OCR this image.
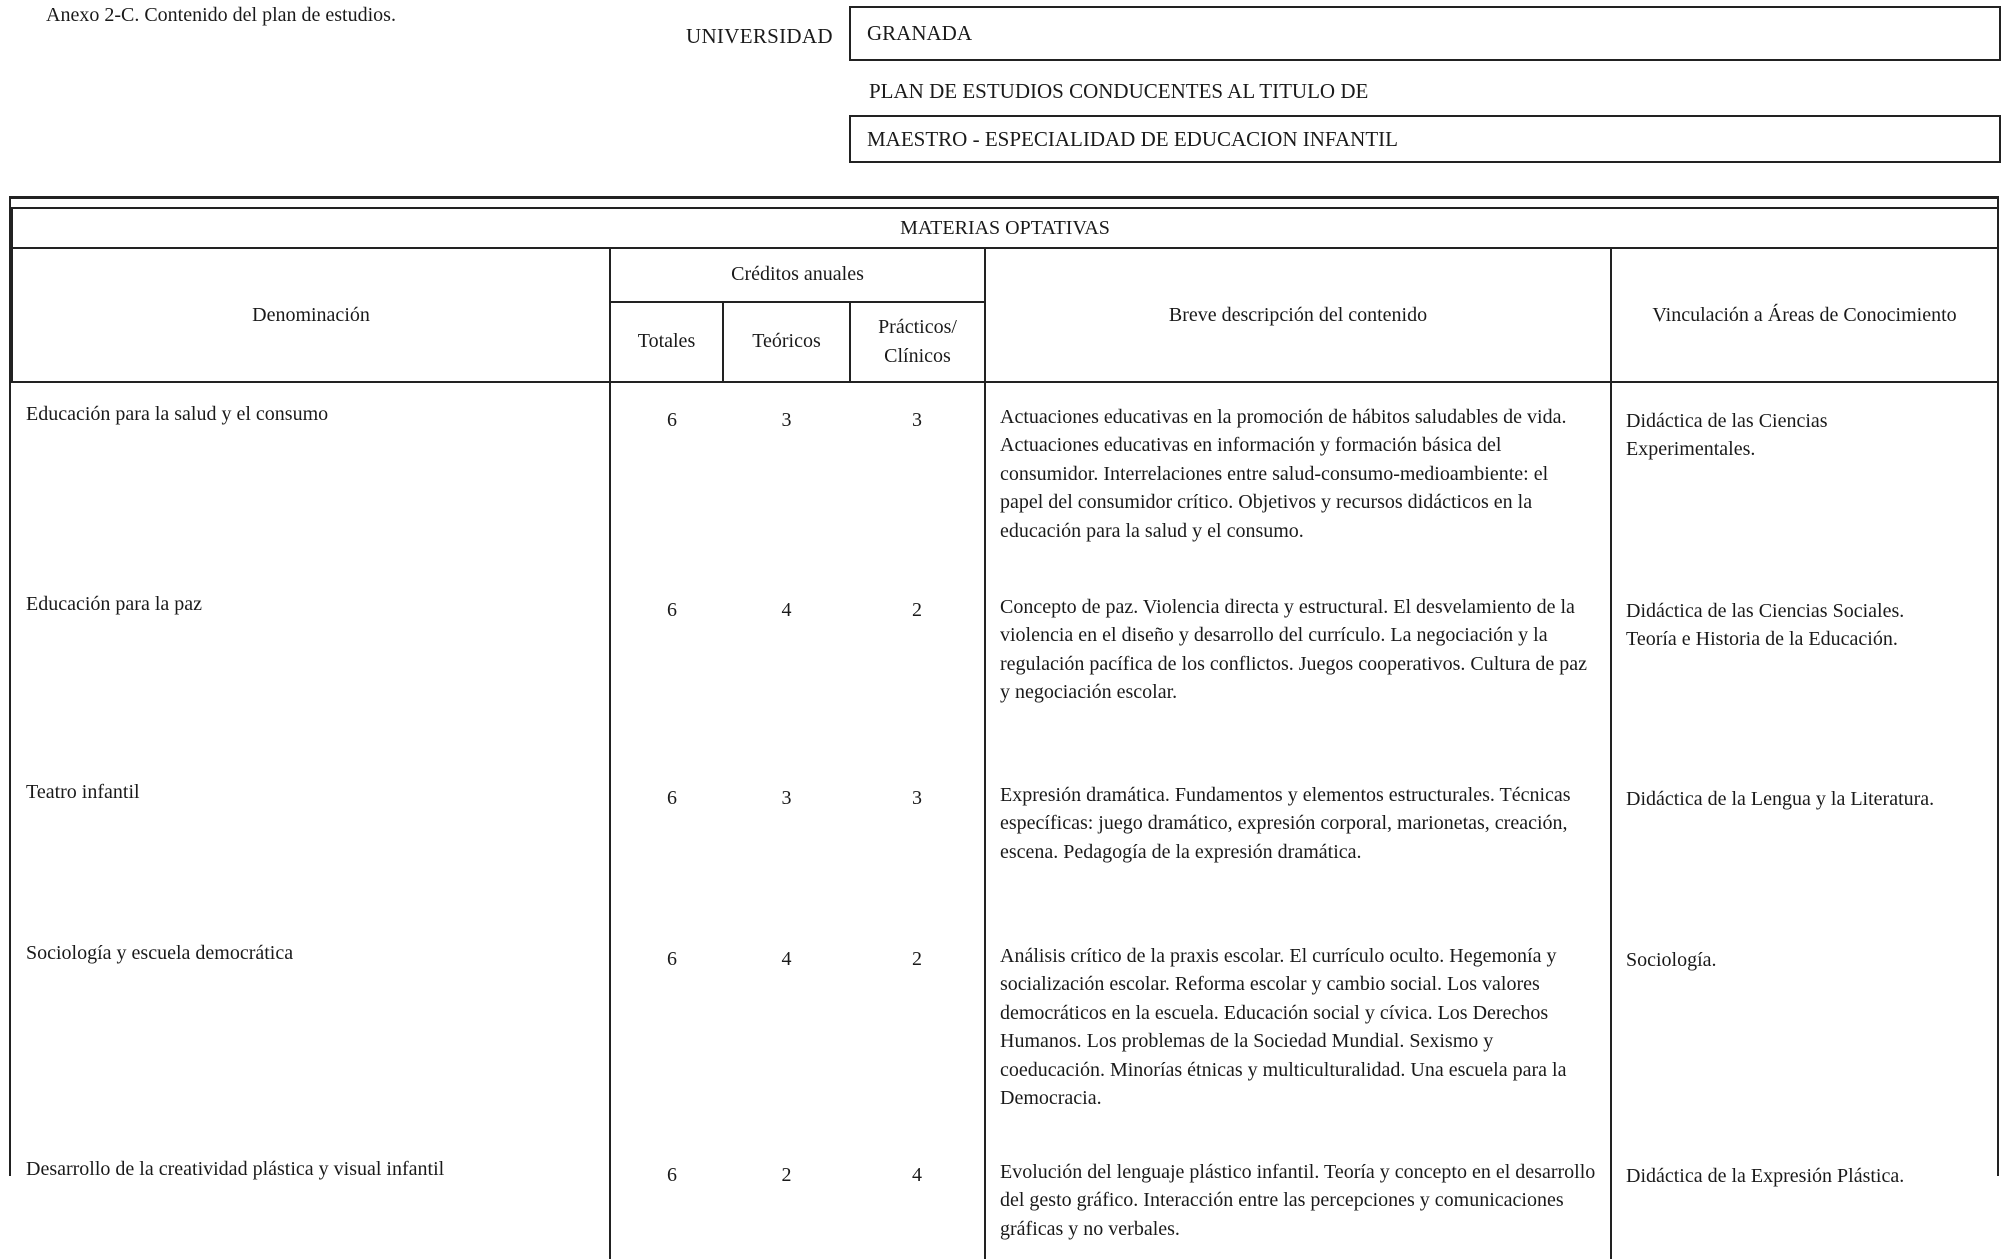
Anexo 2-C. Contenido del plan de estudios.
UNIVERSIDAD GRANADA
PLAN DE ESTUDIOS CONDUCENTES AL TITULO DE
MAESTRO - ESPECIALIDAD DE EDUCACION INFANTIL
MATERIAS OPTATIVAS					
Denominación	Créditos anuales			Breve descripción del contenido	Vinculación a Áreas de Conocimiento
	Totales	Teóricos	Prácticos/
Clínicos		
Educación para la salud y el consumo	6	3	3	Actuaciones educativas en la promoción de hábitos saludables de vida. Actuaciones educativas en información y formación básica del consumidor. Interrelaciones entre salud-consumo-medioambiente: el papel del consumidor crítico. Objetivos y recursos didácticos en la educación para la salud y el consumo.	Didáctica de las Ciencias
Experimentales.
Educación para la paz	6	4	2	Concepto de paz. Violencia directa y estructural. El desvelamiento de la violencia en el diseño y desarrollo del currículo. La negociación y la regulación pacífica de los conflictos. Juegos cooperativos. Cultura de paz y negociación escolar.	Didáctica de las Ciencias Sociales.
Teoría e Historia de la Educación.
Teatro infantil	6	3	3	Expresión dramática. Fundamentos y elementos estructurales. Técnicas específicas: juego dramático, expresión corporal, marionetas, creación, escena. Pedagogía de la expresión dramática.	Didáctica de la Lengua y la Literatura.
Sociología y escuela democrática	6	4	2	Análisis crítico de la praxis escolar. El currículo oculto. Hegemonía y socialización escolar. Reforma escolar y cambio social. Los valores democráticos en la escuela. Educación social y cívica. Los Derechos Humanos. Los problemas de la Sociedad Mundial. Sexismo y coeducación. Minorías étnicas y multiculturalidad. Una escuela para la Democracia.	Sociología.
Desarrollo de la creatividad plástica y visual infantil	6	2	4	Evolución del lenguaje plástico infantil. Teoría y concepto en el desarrollo del gesto gráfico. Interacción entre las percepciones y comunicaciones gráficas y no verbales.	Didáctica de la Expresión Plástica.
